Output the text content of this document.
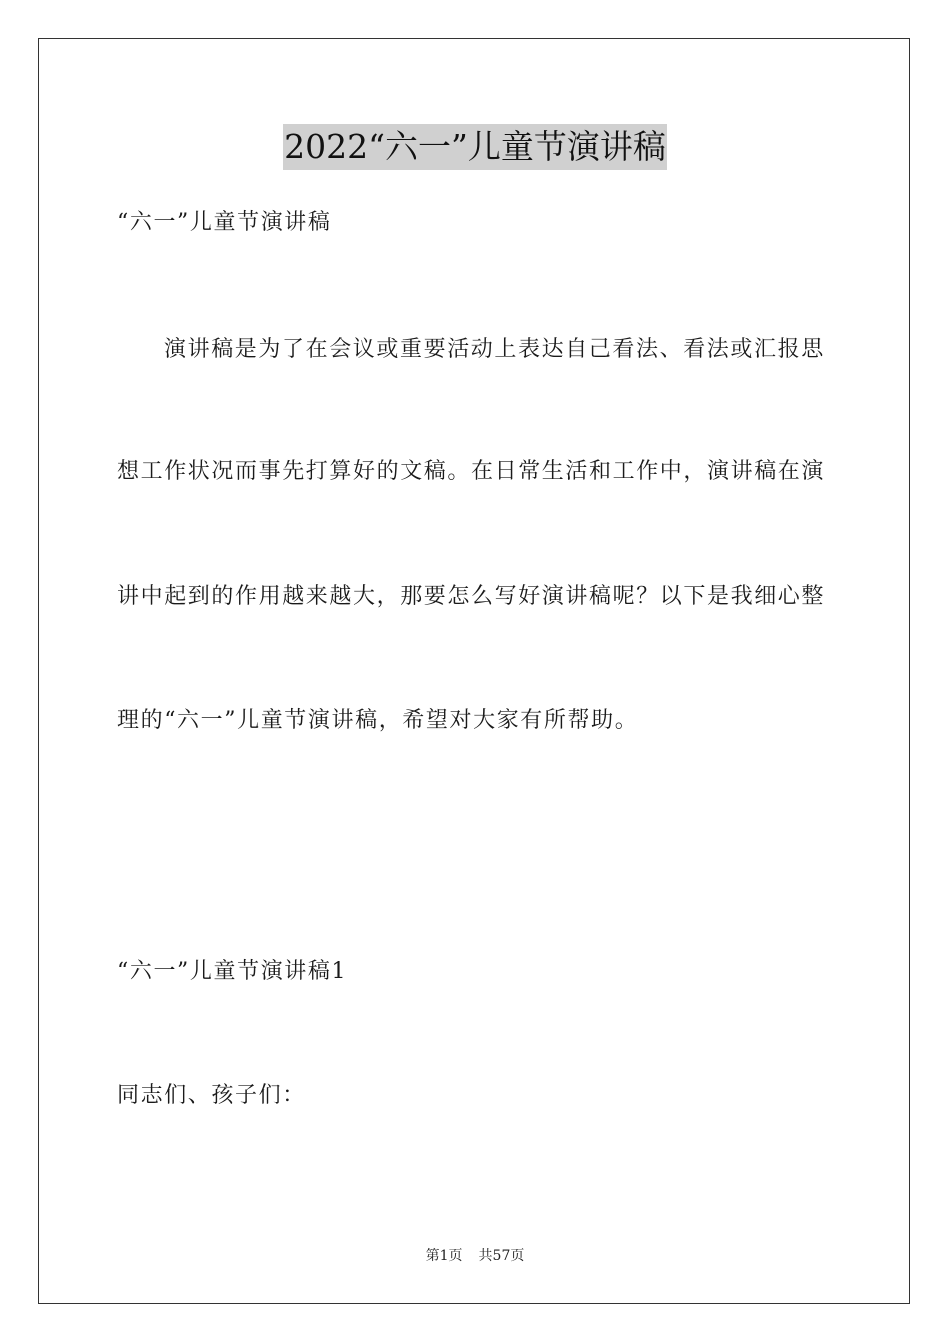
2022“六一”儿童节演讲稿
“六一”儿童节演讲稿
演讲稿是为了在会议或重要活动上表达自己看法、看法或汇报思
想工作状况而事先打算好的文稿。在日常生活和工作中，演讲稿在演
讲中起到的作用越来越大，那要怎么写好演讲稿呢？以下是我细心整
理的“六一”儿童节演讲稿，希望对大家有所帮助。
“六一”儿童节演讲稿1
同志们、孩子们：
第1页 共57页
